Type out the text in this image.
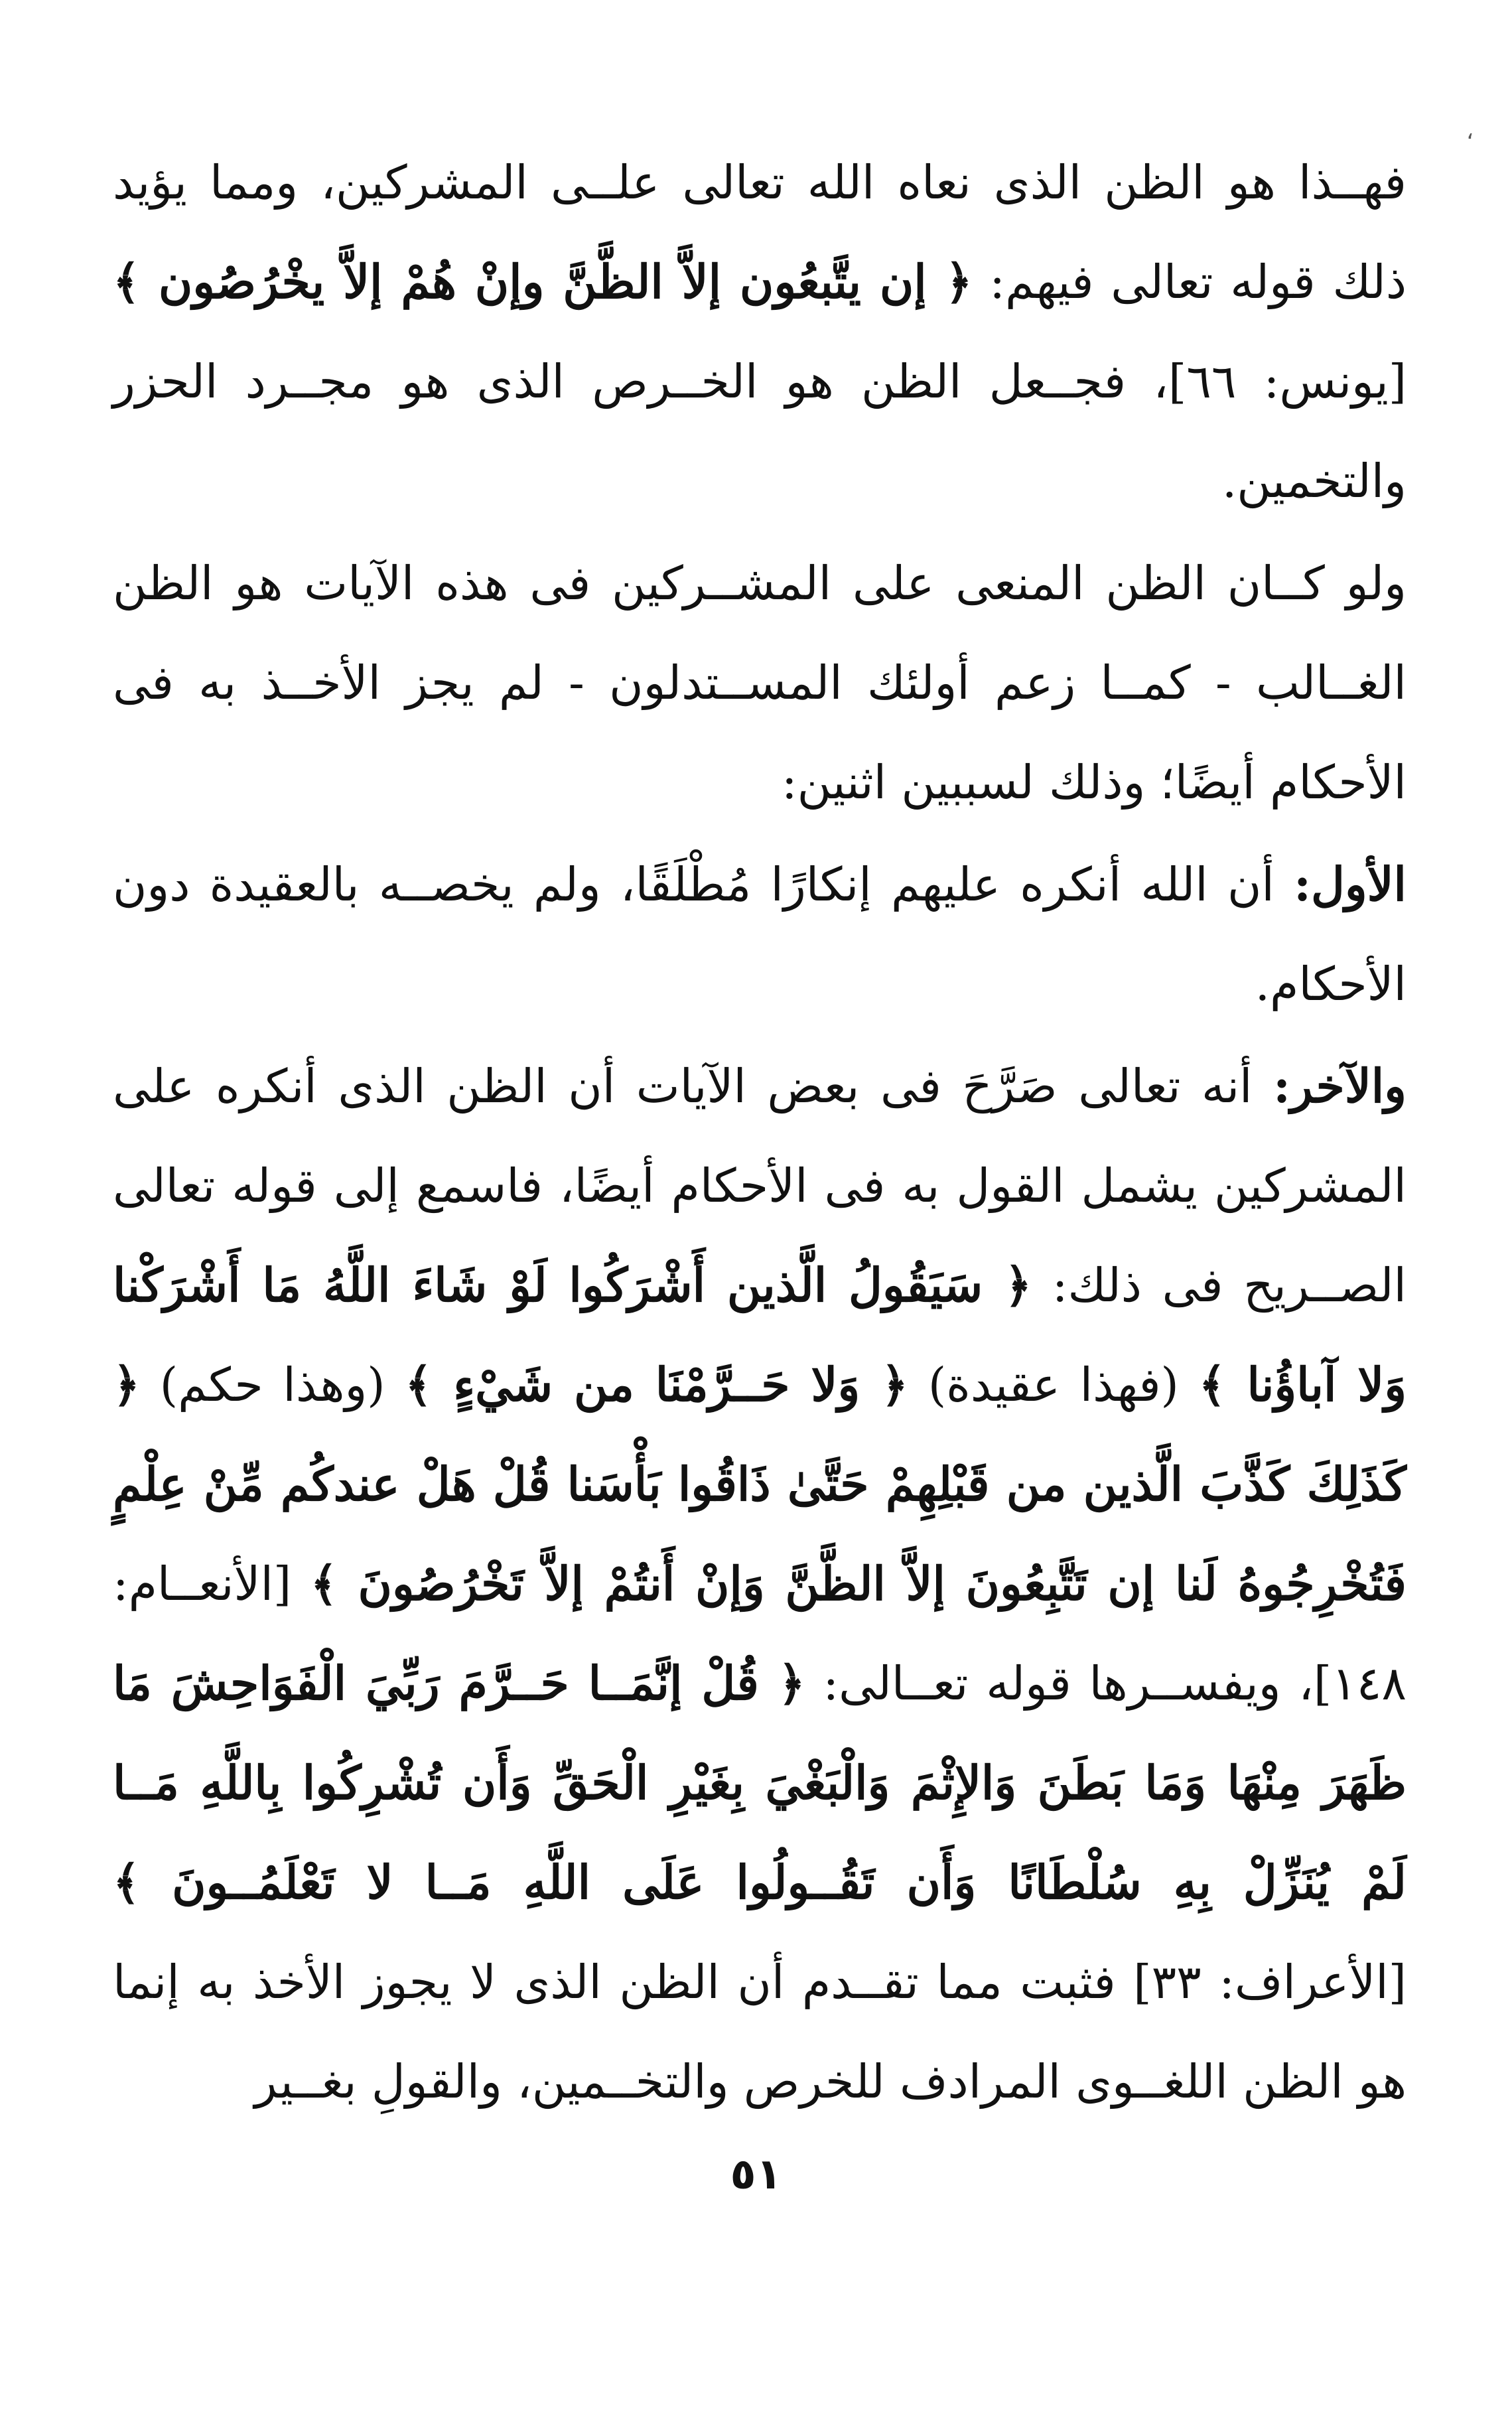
،

فهــذا هو الظن الذى نعاه الله تعالى علــى المشركين، ومما يؤيد ذلك قوله تعالى فيهم: ﴿ إن يتَّبعُون إلاَّ الظَّنَّ وإنْ هُمْ إلاَّ يخْرُصُون ﴾ [يونس: ٦٦]، فجــعل الظن هو الخــرص الذى هو مجــرد الحزر والتخمين.

ولو كــان الظن المنعى على المشــركين فى هذه الآيات هو الظن الغــالب - كمــا زعم أولئك المســتدلون - لم يجز الأخــذ به فى الأحكام أيضًا؛ وذلك لسببين اثنين:

الأول: أن الله أنكره عليهم إنكارًا مُطْلَقًا، ولم يخصــه بالعقيدة دون الأحكام.

والآخر: أنه تعالى صَرَّحَ فى بعض الآيات أن الظن الذى أنكره على المشركين يشمل القول به فى الأحكام أيضًا، فاسمع إلى قوله تعالى الصــريح فى ذلك: ﴿ سَيَقُولُ الَّذين أَشْرَكُوا لَوْ شَاءَ اللَّهُ مَا أَشْرَكْنا وَلا آباؤُنا ﴾ (فهذا عقيدة) ﴿ وَلا حَــرَّمْنَا من شَيْءٍ ﴾ (وهذا حكم) ﴿ كَذَلِكَ كَذَّبَ الَّذين من قَبْلِهِمْ حَتَّىٰ ذَاقُوا بَأْسَنا قُلْ هَلْ عندكُم مِّنْ عِلْمٍ فَتُخْرِجُوهُ لَنا إن تَتَّبِعُونَ إلاَّ الظَّنَّ وَإنْ أَنتُمْ إلاَّ تَخْرُصُونَ ﴾ [الأنعــام: ١٤٨]، ويفســرها قوله تعــالى: ﴿ قُلْ إنَّمَــا حَــرَّمَ رَبِّيَ الْفَوَاحِشَ مَا ظَهَرَ مِنْهَا وَمَا بَطَنَ وَالإِثْمَ وَالْبَغْيَ بِغَيْرِ الْحَقِّ وَأَن تُشْرِكُوا بِاللَّهِ مَــا لَمْ يُنَزِّلْ بِهِ سُلْطَانًا وَأَن تَقُــولُوا عَلَى اللَّهِ مَــا لا تَعْلَمُــونَ ﴾ [الأعراف: ٣٣] فثبت مما تقــدم أن الظن الذى لا يجوز الأخذ به إنما هو الظن اللغــوى المرادف للخرص والتخــمين، والقولِ بغــير

٥١
